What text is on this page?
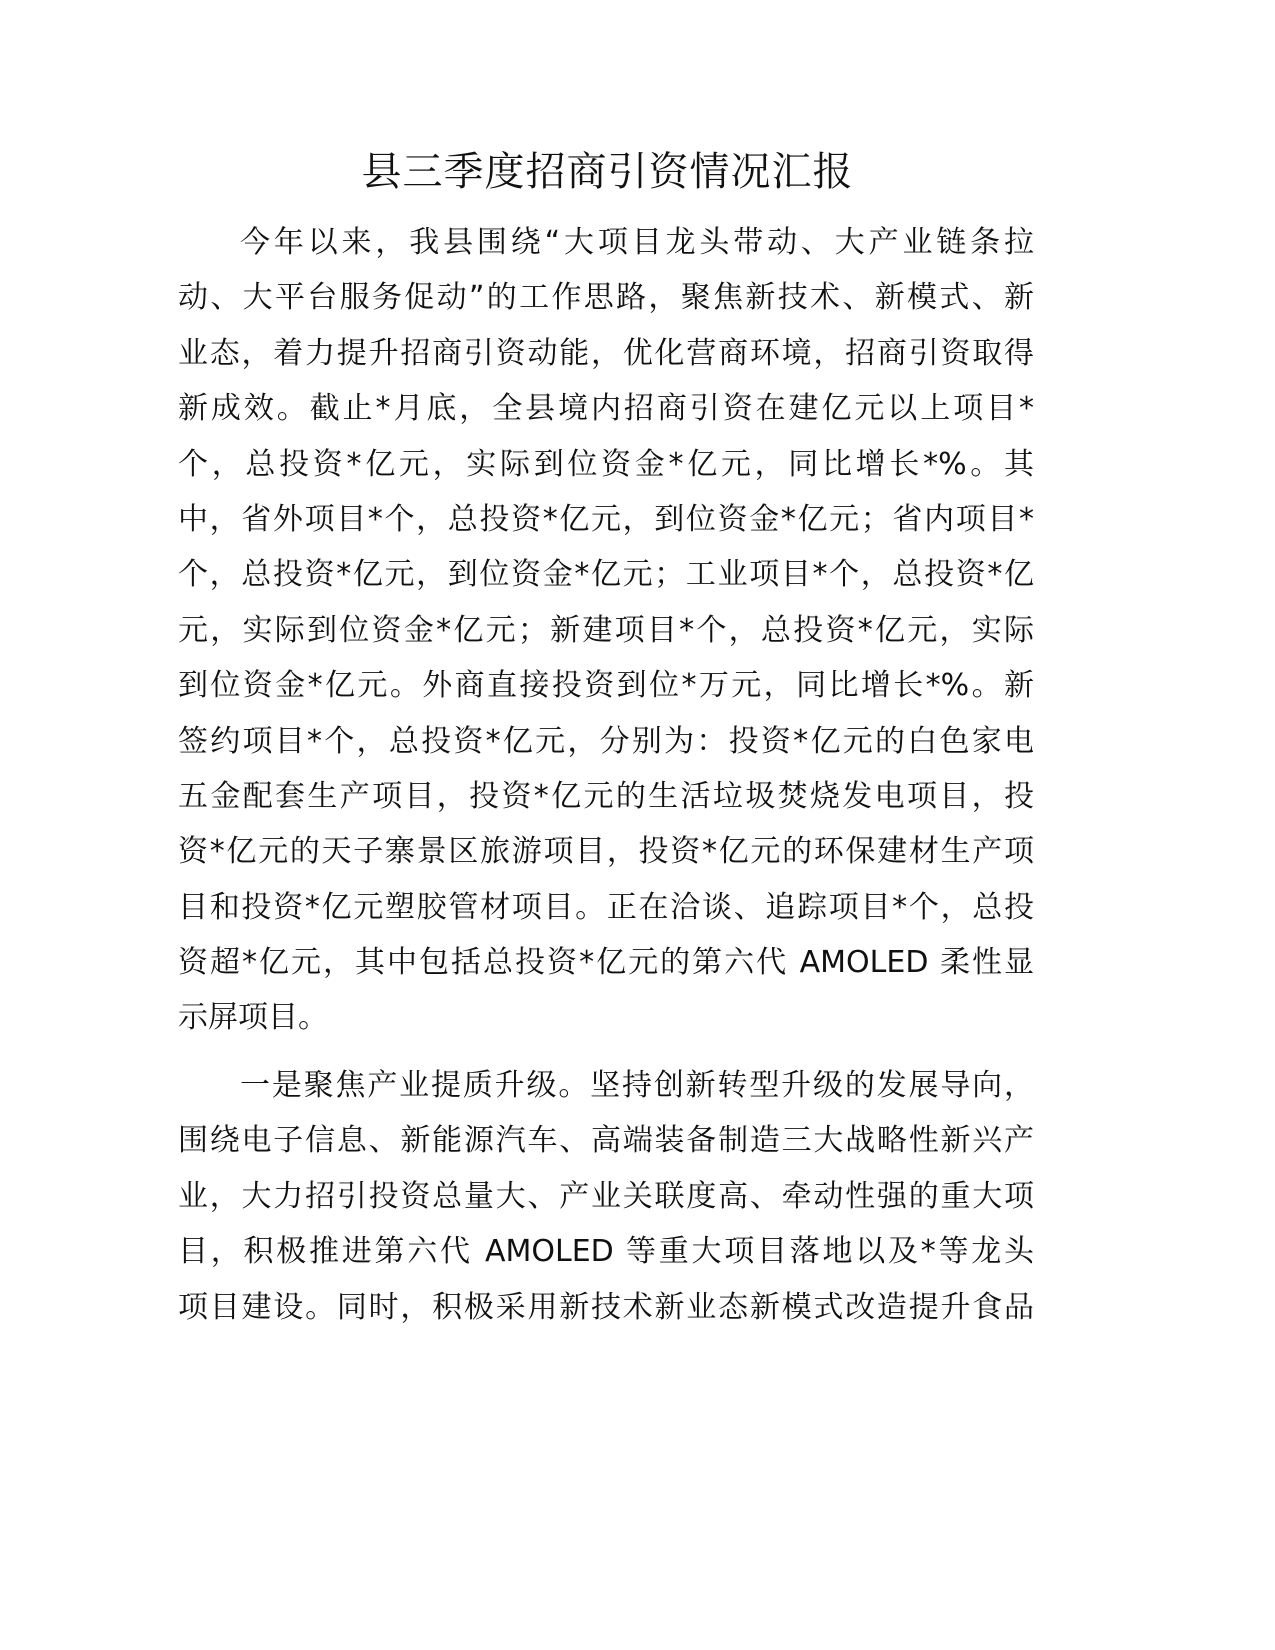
县三季度招商引资情况汇报
今年以来，我县围绕“大项目龙头带动、大产业链条拉
动、大平台服务促动”的工作思路，聚焦新技术、新模式、新
业态，着力提升招商引资动能，优化营商环境，招商引资取得
新成效。截止*月底，全县境内招商引资在建亿元以上项目*
个，总投资*亿元，实际到位资金*亿元，同比增长*%。其
中，省外项目*个，总投资*亿元，到位资金*亿元；省内项目*
个，总投资*亿元，到位资金*亿元；工业项目*个，总投资*亿
元，实际到位资金*亿元；新建项目*个，总投资*亿元，实际
到位资金*亿元。外商直接投资到位*万元，同比增长*%。新
签约项目*个，总投资*亿元，分别为：投资*亿元的白色家电
五金配套生产项目，投资*亿元的生活垃圾焚烧发电项目，投
资*亿元的天子寨景区旅游项目，投资*亿元的环保建材生产项
目和投资*亿元塑胶管材项目。正在洽谈、追踪项目*个，总投
资超*亿元，其中包括总投资*亿元的第六代 AMOLED 柔性显
示屏项目。
一是聚焦产业提质升级。坚持创新转型升级的发展导向，
围绕电子信息、新能源汽车、高端装备制造三大战略性新兴产
业，大力招引投资总量大、产业关联度高、牵动性强的重大项
目，积极推进第六代 AMOLED 等重大项目落地以及*等龙头
项目建设。同时，积极采用新技术新业态新模式改造提升食品
